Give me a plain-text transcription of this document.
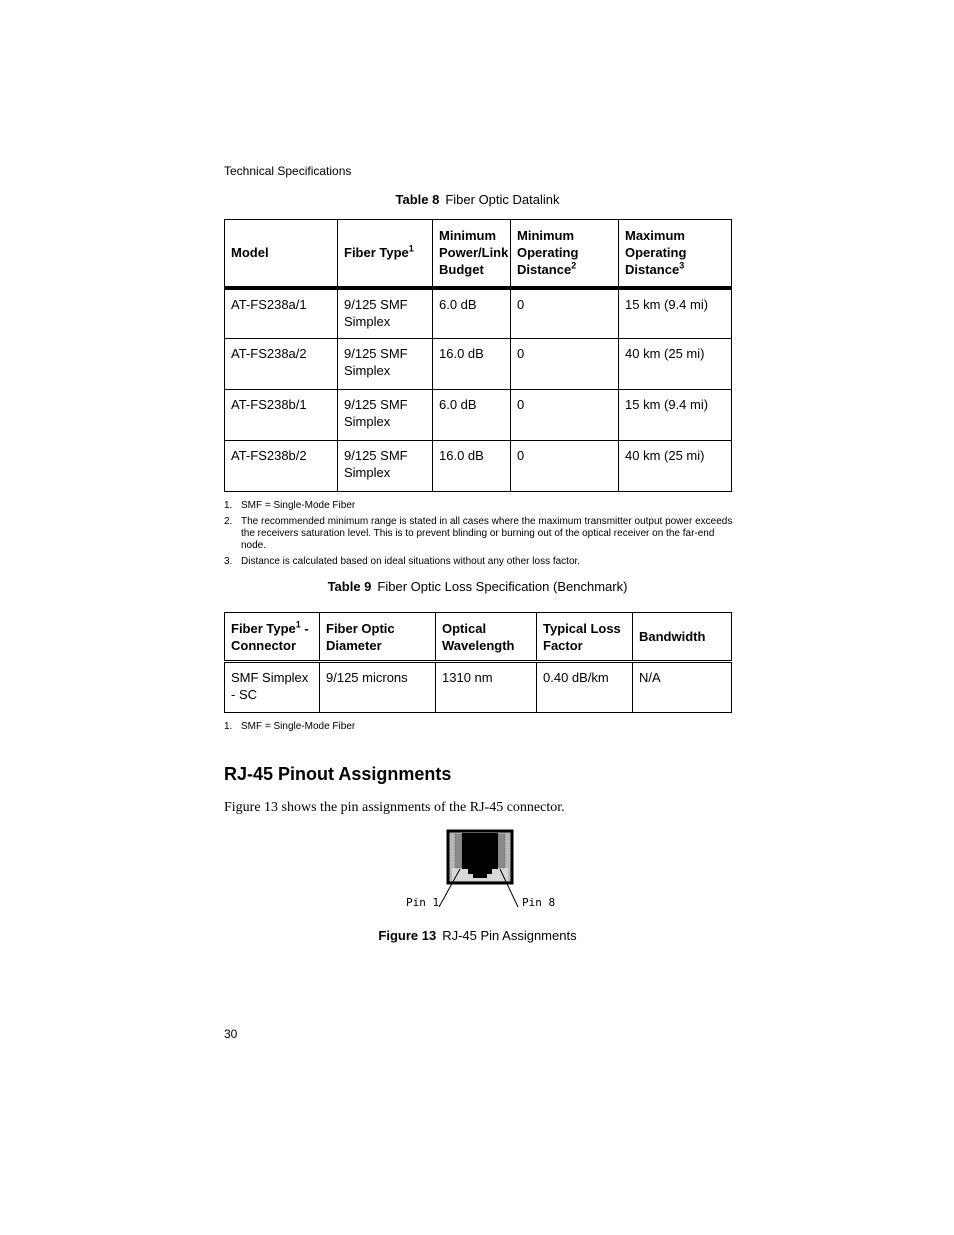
Technical Specifications
Table 8 Fiber Optic Datalink
Model	Fiber Type$^1$	Minimum Power/Link Budget	Minimum Operating Distance$^2$	Maximum Operating Distance$^3$
AT-FS238a/1	9/125 SMF Simplex	6.0 dB	0	15 km (9.4 mi)
AT-FS238a/2	9/125 SMF Simplex	16.0 dB	0	40 km (25 mi)
AT-FS238b/1	9/125 SMF Simplex	6.0 dB	0	15 km (9.4 mi)
AT-FS238b/2	9/125 SMF Simplex	16.0 dB	0	40 km (25 mi)
1. SMF = Single-Mode Fiber
2. The recommended minimum range is stated in all cases where the maximum transmitter output power exceeds the receivers saturation level. This is to prevent blinding or burning out of the optical receiver on the far-end node.
3. Distance is calculated based on ideal situations without any other loss factor.
Table 9 Fiber Optic Loss Specification (Benchmark)
Fiber Type$^1$ - Connector	Fiber Optic Diameter	Optical Wavelength	Typical Loss Factor	Bandwidth
SMF Simplex - SC	9/125 microns	1310 nm	0.40 dB/km	N/A
1. SMF = Single-Mode Fiber
RJ-45 Pinout Assignments
Figure 13 shows the pin assignments of the RJ-45 connector.
Pin 1	Pin 8
Figure 13 RJ-45 Pin Assignments
30
